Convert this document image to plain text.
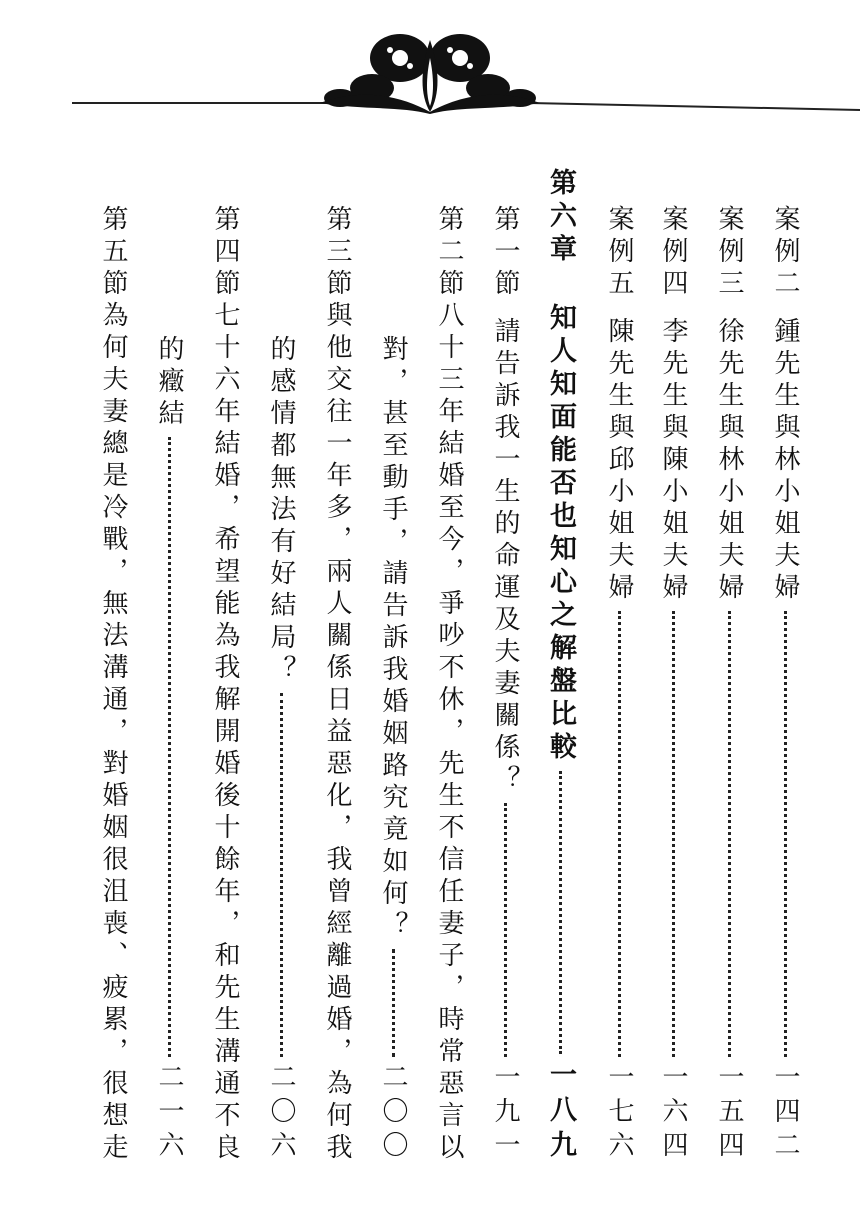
案例二
鍾先生與林小姐夫婦
一四二
案例三
徐先生與林小姐夫婦
一五四
案例四
李先生與陳小姐夫婦
一六四
案例五
陳先生與邱小姐夫婦
一七六
第六章
知人知面能否也知心之解盤比較
一八九
第一節
請告訴我一生的命運及夫妻關係？
一九一
第二節
八十三年結婚至今，爭吵不休，先生不信任妻子，時常惡言以
對，甚至動手，請告訴我婚姻路究竟如何？
二〇〇
第三節
與他交往一年多，兩人關係日益惡化，我曾經離過婚，為何我
的感情都無法有好結局？
二〇六
第四節
七十六年結婚，希望能為我解開婚後十餘年，和先生溝通不良
的癥結
二一六
第五節
為何夫妻總是冷戰，無法溝通，對婚姻很沮喪、疲累，很想走
